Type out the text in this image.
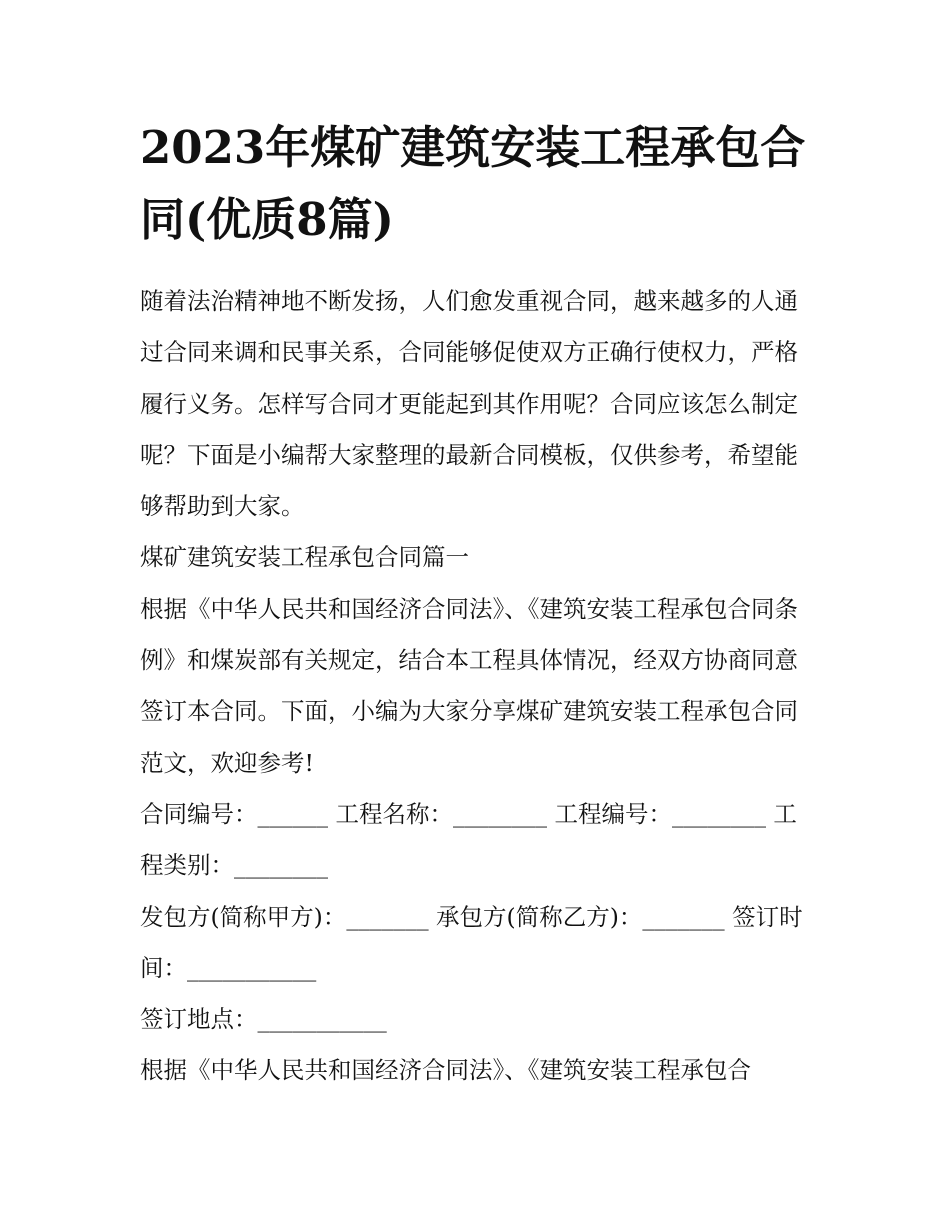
2023年煤矿建筑安装工程承包合同(优质8篇)

随着法治精神地不断发扬，人们愈发重视合同，越来越多的人通过合同来调和民事关系，合同能够促使双方正确行使权力，严格履行义务。怎样写合同才更能起到其作用呢？合同应该怎么制定呢？下面是小编帮大家整理的最新合同模板，仅供参考，希望能够帮助到大家。

煤矿建筑安装工程承包合同篇一

根据《中华人民共和国经济合同法》、《建筑安装工程承包合同条例》和煤炭部有关规定，结合本工程具体情况，经双方协商同意签订本合同。下面，小编为大家分享煤矿建筑安装工程承包合同范文，欢迎参考!

合同编号：______ 工程名称：________ 工程编号：________ 工程类别：________

发包方(简称甲方)：_______ 承包方(简称乙方)：_______ 签订时间：___________

签订地点：___________

根据《中华人民共和国经济合同法》、《建筑安装工程承包合
